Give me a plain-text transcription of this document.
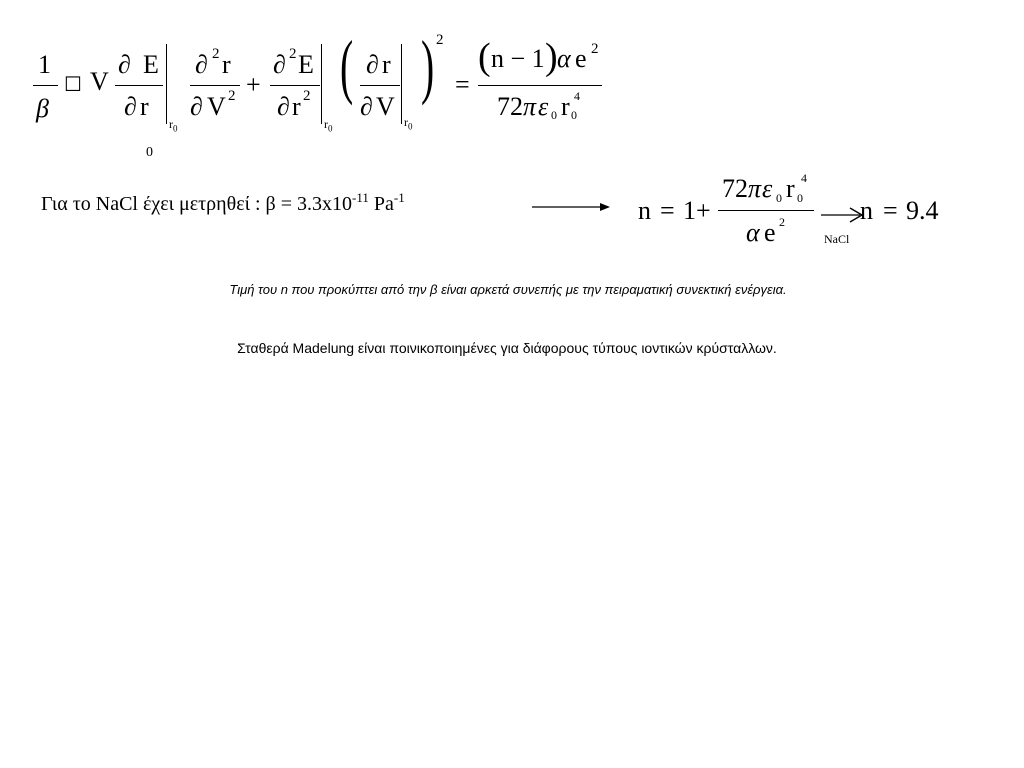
1
β
☐ V
∂ E
∂ r
$r_0$
∂ 2 r
∂ V 2 +
∂ 2 E
∂ r 2
$r_0$
( ∂ r
∂ V
$r_0$
) 2
=
( n − 1 ) α e 2
72 π ε 0 r 0
4
0
Για το NaCl έχει μετρηθεί : $\beta = 3.3x10^{-11}$ $Pa^{-1}$	n = 1+
72 π ε 0 r 0
4
α e 2
NaCl
n = 9.4
Τιμή του n που προκύπτει από την β είναι αρκετά συνεπής με την πειραματική συνεκτική ενέργεια.
Σταθερά Madelung είναι ποινικοποιημένες για διάφορους τύπους ιοντικών κρύσταλλων.
